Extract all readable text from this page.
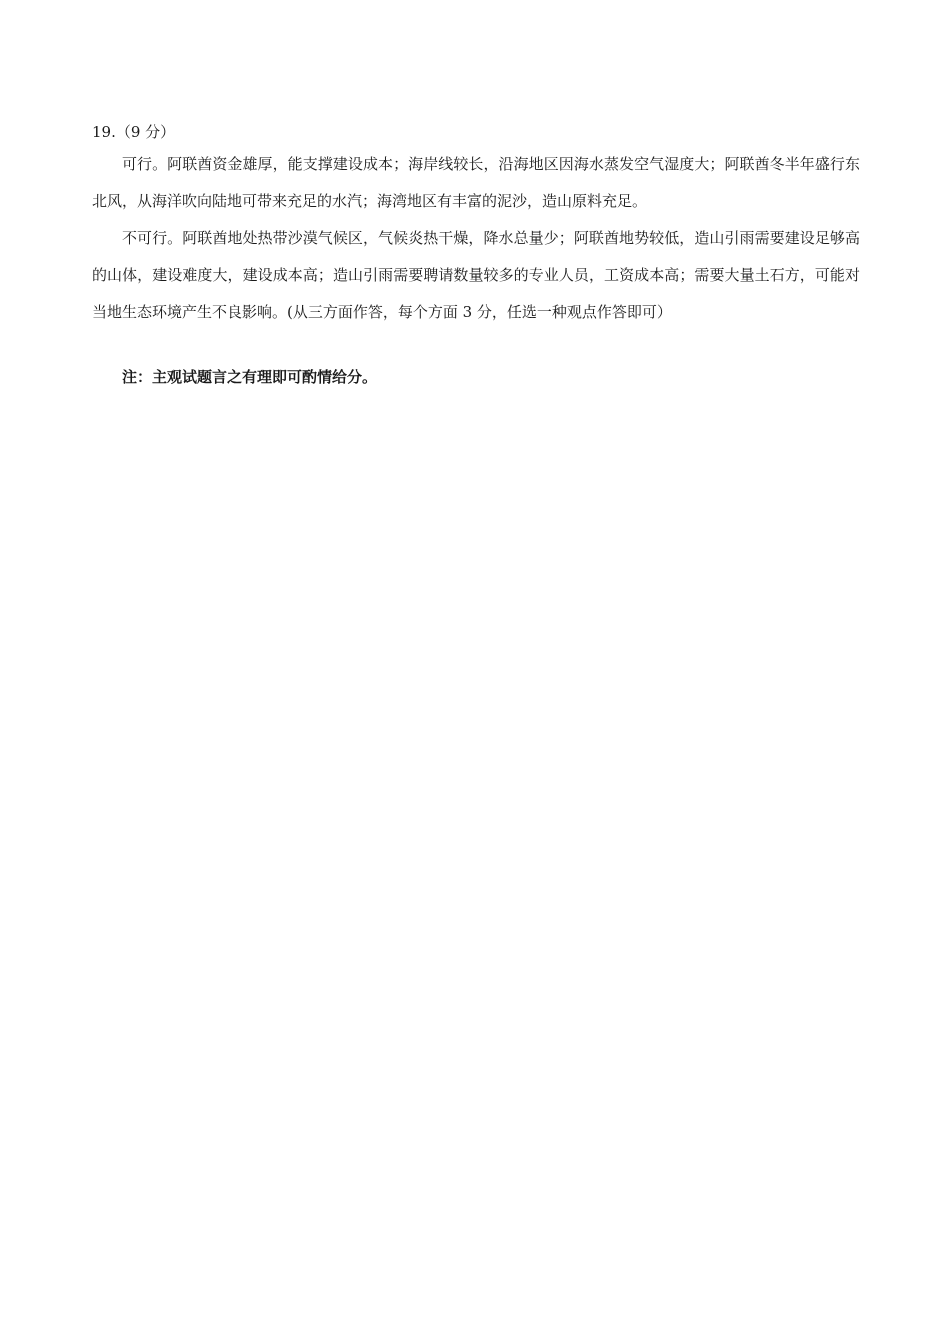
19.（9 分）

可行。阿联酋资金雄厚，能支撑建设成本；海岸线较长，沿海地区因海水蒸发空气湿度大；阿联酋冬半年盛行东北风，从海洋吹向陆地可带来充足的水汽；海湾地区有丰富的泥沙，造山原料充足。

不可行。阿联酋地处热带沙漠气候区，气候炎热干燥，降水总量少；阿联酋地势较低，造山引雨需要建设足够高的山体，建设难度大，建设成本高；造山引雨需要聘请数量较多的专业人员，工资成本高；需要大量土石方，可能对当地生态环境产生不良影响。(从三方面作答，每个方面 3 分，任选一种观点作答即可）

注：主观试题言之有理即可酌情给分。
